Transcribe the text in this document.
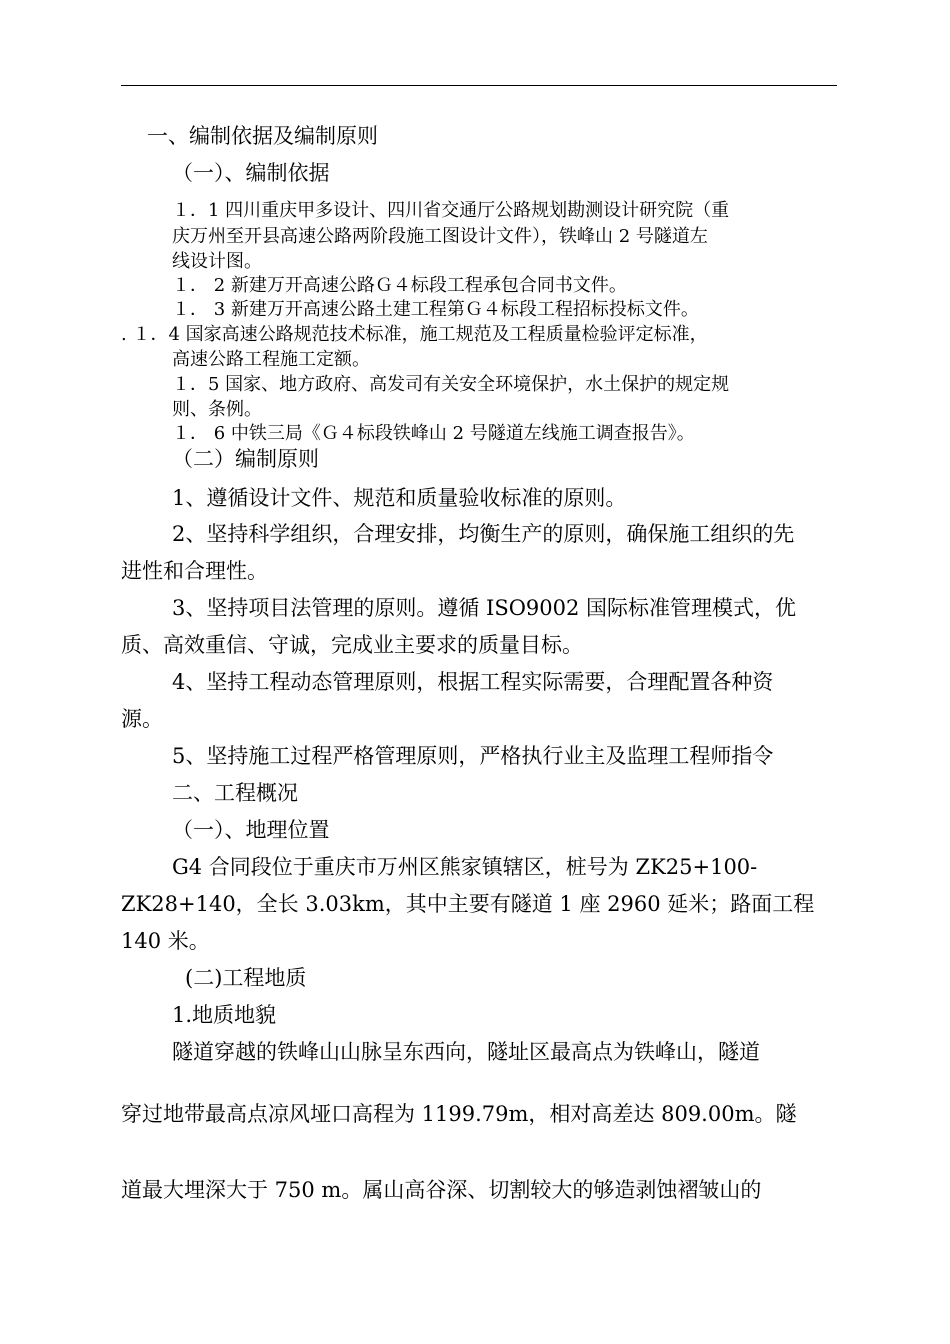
一、编制依据及编制原则
（一）、编制依据
１．1 四川重庆甲多设计、四川省交通厅公路规划勘测设计研究院（重
庆万州至开县高速公路两阶段施工图设计文件），铁峰山 2 号隧道左
线设计图。
１． 2 新建万开高速公路Ｇ４标段工程承包合同书文件。
１． 3 新建万开高速公路土建工程第Ｇ４标段工程招标投标文件。
. １．4 国家高速公路规范技术标准，施工规范及工程质量检验评定标准，
高速公路工程施工定额。
１．5 国家、地方政府、高发司有关安全环境保护，水土保护的规定规
则、条例。
１． 6 中铁三局《Ｇ４标段铁峰山 2 号隧道左线施工调查报告》。
（二）编制原则
1、遵循设计文件、规范和质量验收标准的原则。
2、坚持科学组织，合理安排，均衡生产的原则，确保施工组织的先
进性和合理性。
3、坚持项目法管理的原则。遵循 ISO9002 国际标准管理模式，优
质、高效重信、守诚，完成业主要求的质量目标。
4、坚持工程动态管理原则，根据工程实际需要，合理配置各种资
源。
5、坚持施工过程严格管理原则，严格执行业主及监理工程师指令
二、工程概况
（一）、地理位置
G4 合同段位于重庆市万州区熊家镇辖区，桩号为 ZK25+100-
ZK28+140，全长 3.03km，其中主要有隧道 1 座 2960 延米；路面工程
140 米。
(二)工程地质
1.地质地貌
隧道穿越的铁峰山山脉呈东西向，隧址区最高点为铁峰山，隧道
穿过地带最高点凉风垭口高程为 1199.79m，相对高差达 809.00m。隧
道最大埋深大于 750 m。属山高谷深、切割较大的够造剥蚀褶皱山的
